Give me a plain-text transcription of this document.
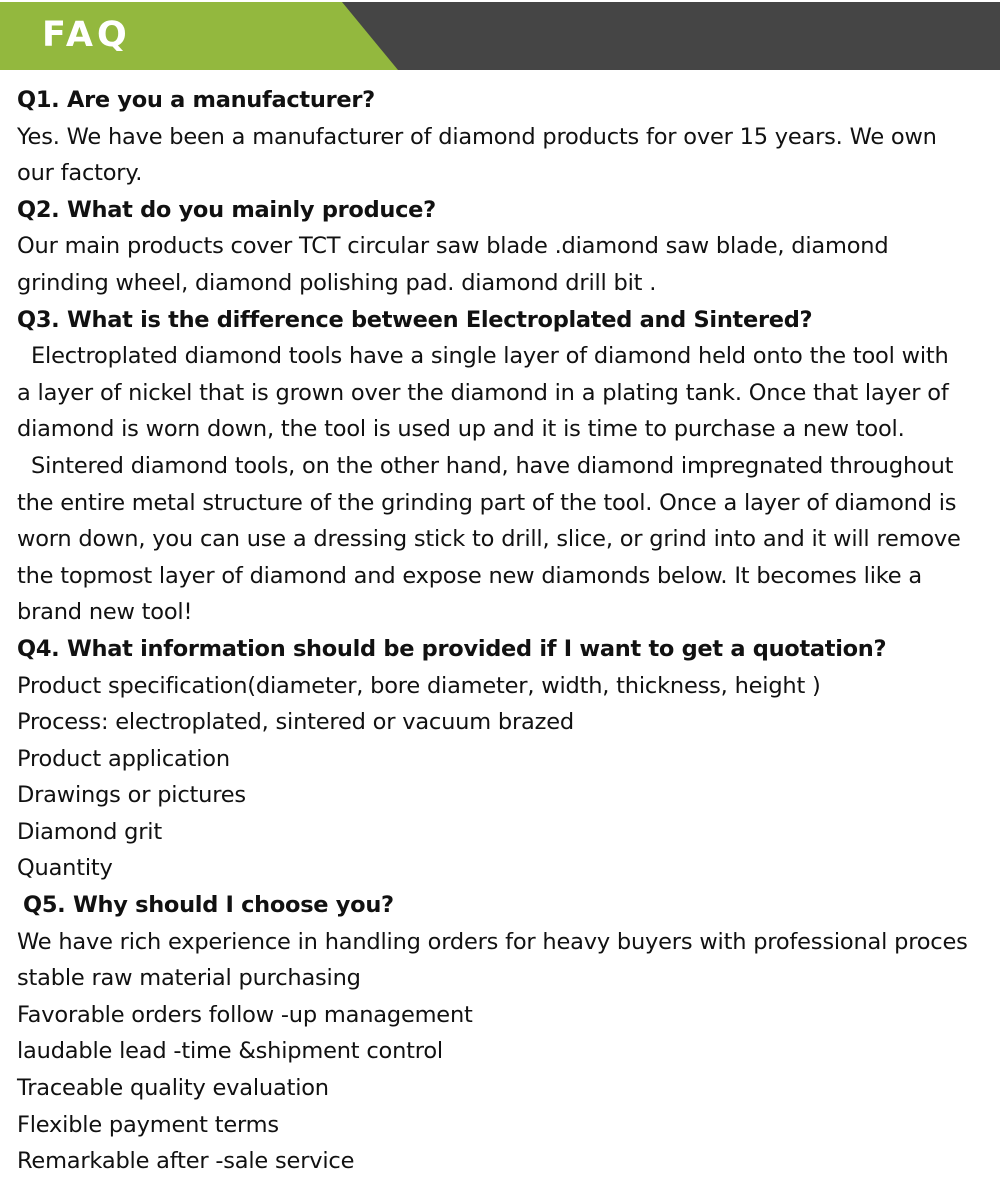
FAQ
Q1. Are you a manufacturer?
Yes. We have been a manufacturer of diamond products for over 15 years. We own
our factory.
Q2. What do you mainly produce?
Our main products cover TCT circular saw blade .diamond saw blade, diamond
grinding wheel, diamond polishing pad. diamond drill bit .
Q3. What is the difference between Electroplated and Sintered?
Electroplated diamond tools have a single layer of diamond held onto the tool with
a layer of nickel that is grown over the diamond in a plating tank. Once that layer of
diamond is worn down, the tool is used up and it is time to purchase a new tool.
Sintered diamond tools, on the other hand, have diamond impregnated throughout
the entire metal structure of the grinding part of the tool. Once a layer of diamond is
worn down, you can use a dressing stick to drill, slice, or grind into and it will remove
the topmost layer of diamond and expose new diamonds below. It becomes like a
brand new tool!
Q4. What information should be provided if I want to get a quotation?
Product specification(diameter, bore diameter, width, thickness, height )
Process: electroplated, sintered or vacuum brazed
Product application
Drawings or pictures
Diamond grit
Quantity
Q5. Why should I choose you?
We have rich experience in handling orders for heavy buyers with professional proces
stable raw material purchasing
Favorable orders follow -up management
laudable lead -time &shipment control
Traceable quality evaluation
Flexible payment terms
Remarkable after -sale service
